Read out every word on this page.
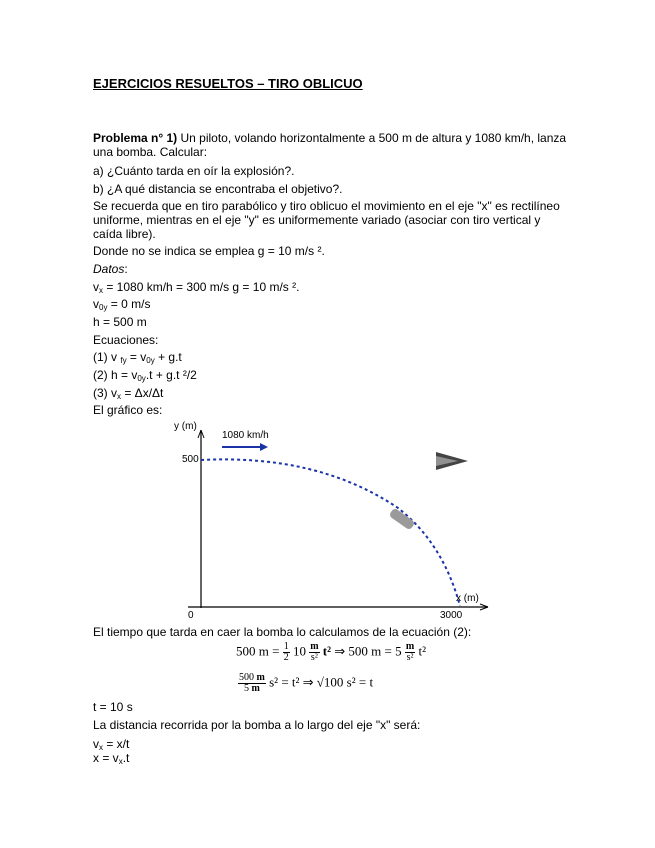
EJERCICIOS RESUELTOS – TIRO OBLICUO
Problema n° 1) Un piloto, volando horizontalmente a 500 m de altura y 1080 km/h, lanza
una bomba. Calcular:
a) ¿Cuánto tarda en oír la explosión?.
b) ¿A qué distancia se encontraba el objetivo?.
Se recuerda que en tiro parabólico y tiro oblicuo el movimiento en el eje "x" es rectilíneo
uniforme, mientras en el eje "y" es uniformemente variado (asociar con tiro vertical y
caída libre).
Donde no se indica se emplea g = 10 m/s ².
Datos:
$v_x = 1080$ km/h = 300 m/s g = 10 m/s ².
$v_{0y} = 0$ m/s
h = 500 m
Ecuaciones:
(1) v $_{fy} = v_{0y} + g.t$
(2) $h = v_{0y}.t + g.t$ ²/2
(3) $v_x = \Delta x/\Delta t$
El gráfico es:
y (m)
x (m)
500
3000
0
1080 km/h
El tiempo que tarda en caer la bomba lo calculamos de la ecuación (2):
500 $m = \frac{1}{2} 10 \frac{m}{\text{s²}} t^2$ ⇒ 500 $m = 5 \frac{m}{\text{s²}} t^2$
$\frac{500 m}{5 m} s^2 = t^2$ ⇒ √100 s² = t
t = 10 s
La distancia recorrida por la bomba a lo largo del eje "x" será:
$v_x = x/t$
$x = v_x.t$
